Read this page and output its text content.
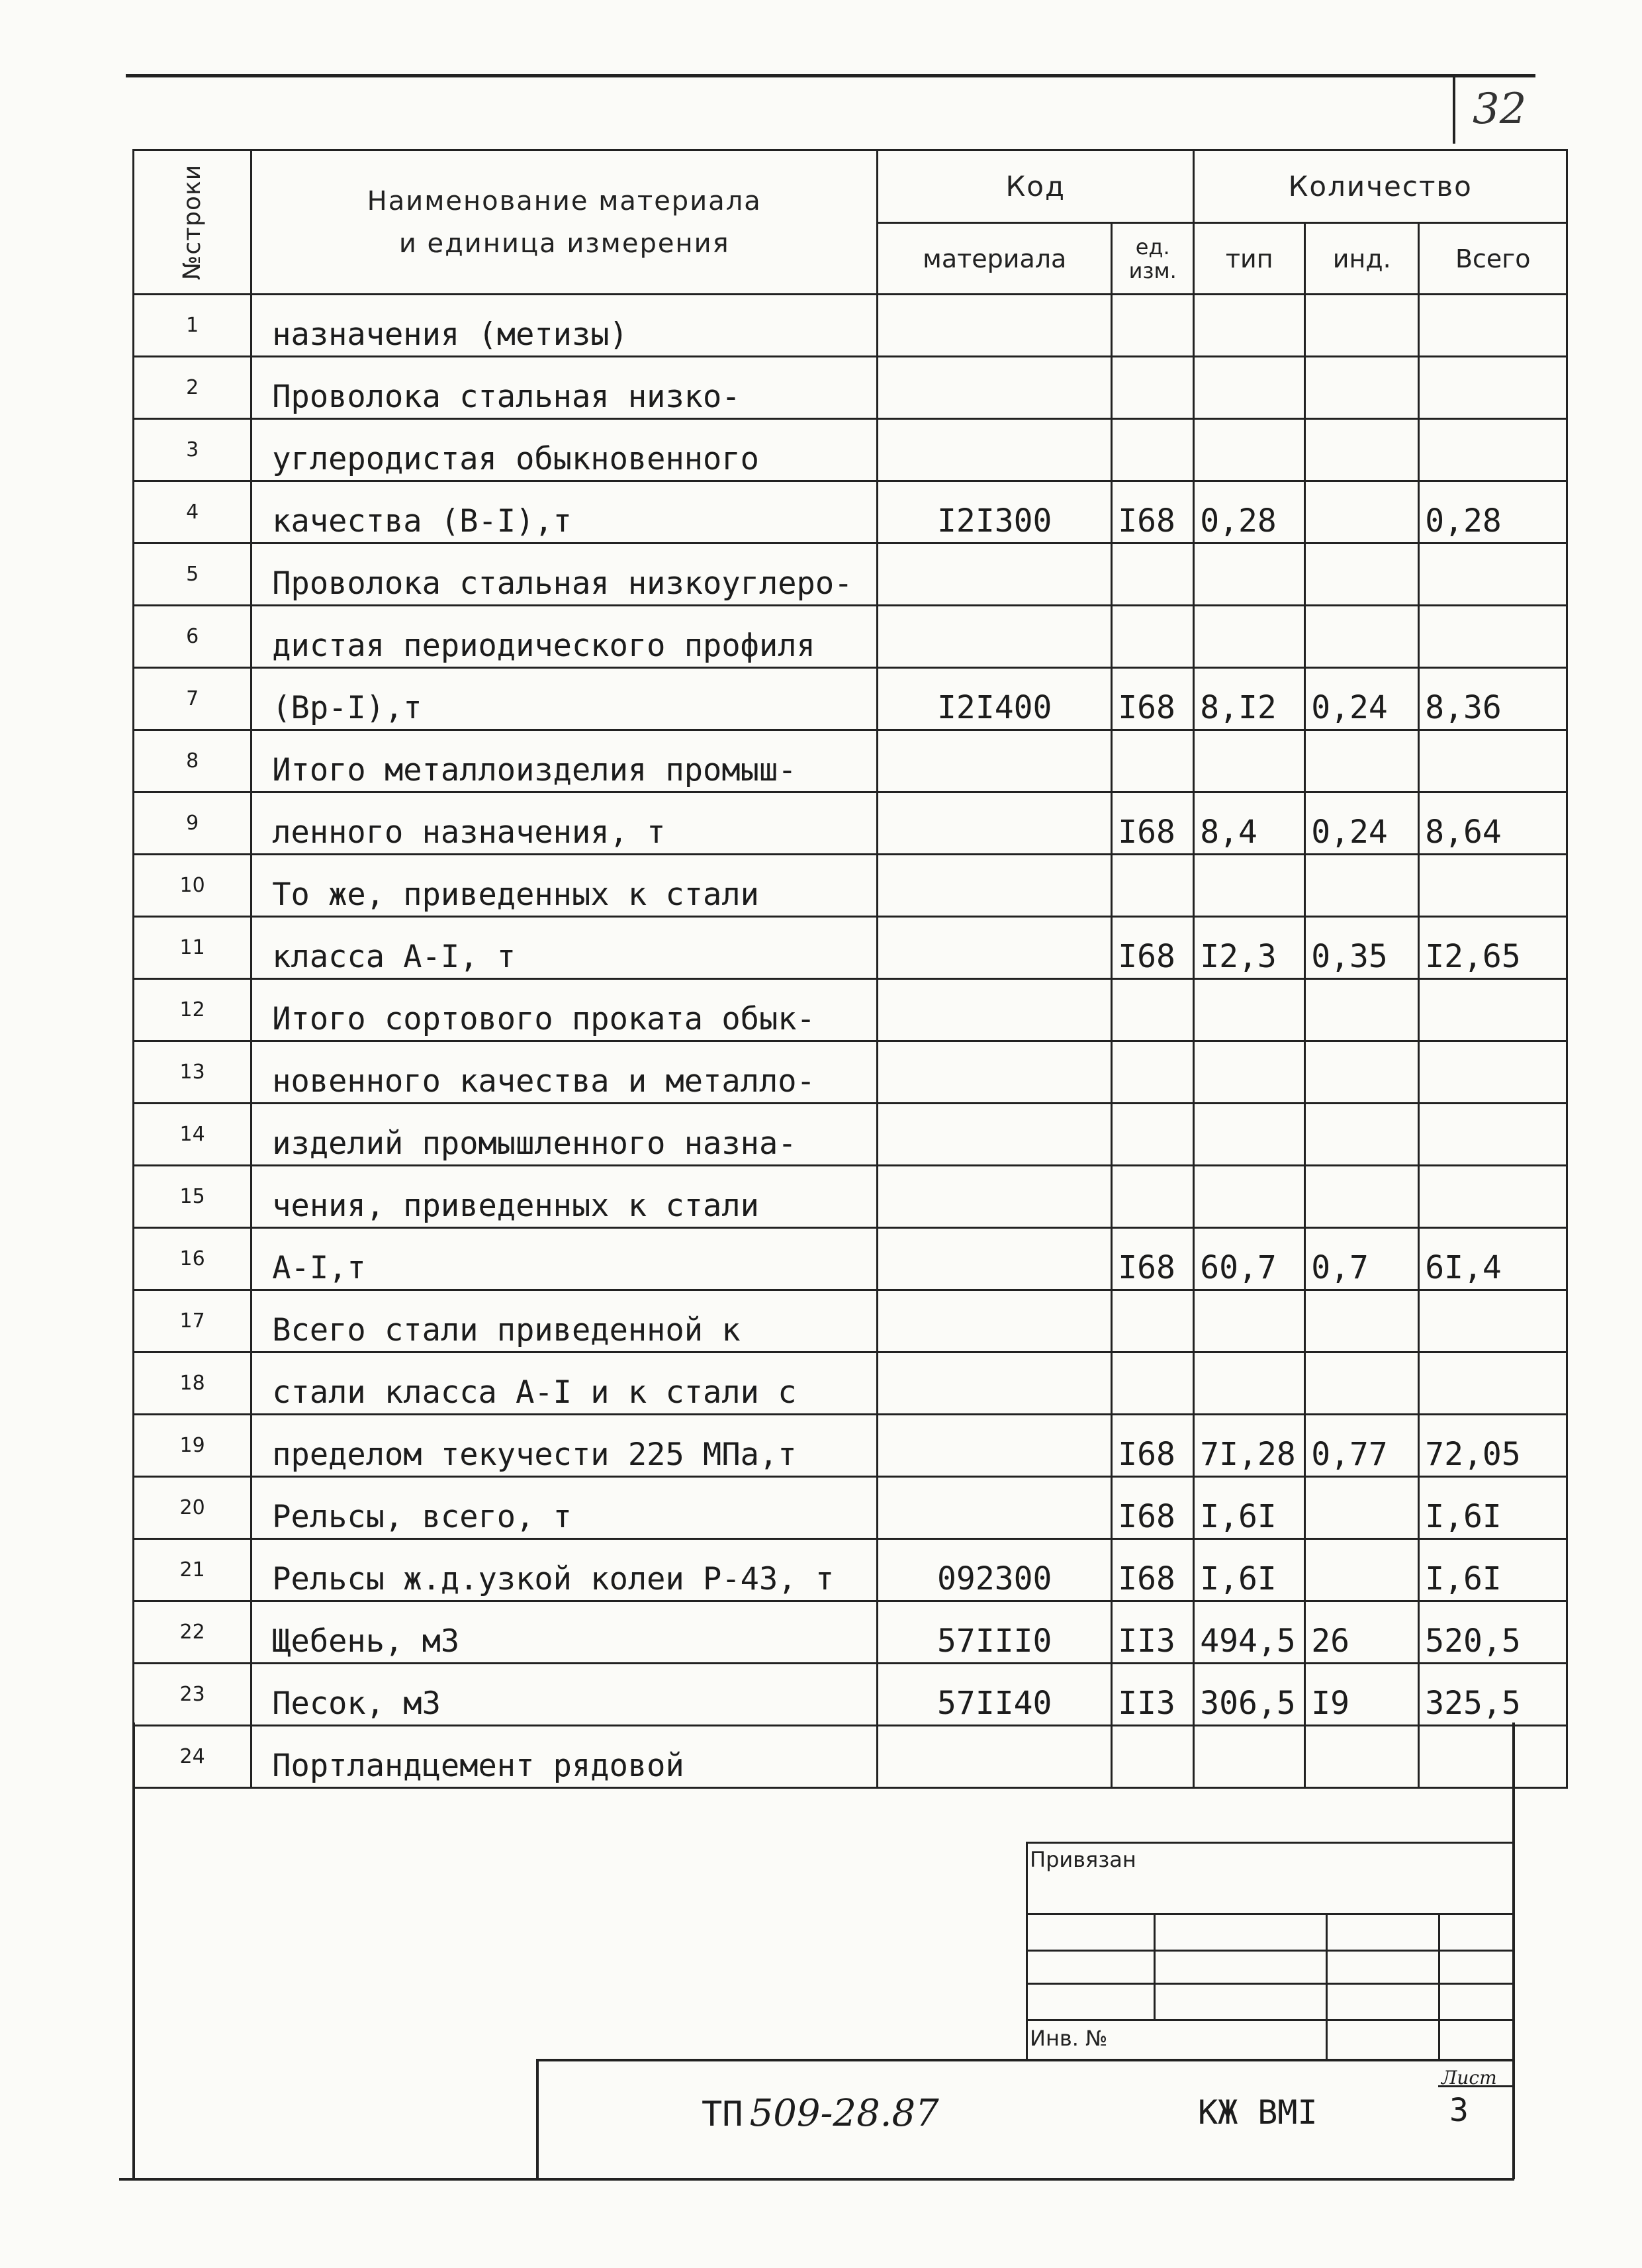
32
№строки	Наименование материала
и единица измерения	Код		Количество		
		материала	ед. изм.	тип	инд.	Всего
1	назначения (метизы)					
2	Проволока стальная низко-					
3	углеродистая обыкновенного					
4	качества (В-I),т	I2I300	I68	0,28		0,28
5	Проволока стальная низкоуглеро-					
6	дистая периодического профиля					
7	(Вр-I),т	I2I400	I68	8,I2	0,24	8,36
8	Итого металлоизделия промыш-					
9	ленного назначения, т		I68	8,4	0,24	8,64
10	То же, приведенных к стали					
11	класса А-I, т		I68	I2,3	0,35	I2,65
12	Итого сортового проката обык-					
13	новенного качества и металло-					
14	изделий промышленного назна-					
15	чения, приведенных к стали					
16	А-I,т		I68	60,7	0,7	6I,4
17	Всего стали приведенной к					
18	стали класса А-I и к стали с					
19	пределом текучести 225 МПа,т		I68	7I,28	0,77	72,05
20	Рельсы, всего, т		I68	I,6I		I,6I
21	Рельсы ж.д.узкой колеи Р-43, т	092300	I68	I,6I		I,6I
22	Щебень, м3	57III0	II3	494,5	26	520,5
23	Песок, м3	57II40	II3	306,5	I9	325,5
24	Портландцемент рядовой					
Привязан
Инв. №
ТП 509-28.87	КЖ ВМI
Лист
3
